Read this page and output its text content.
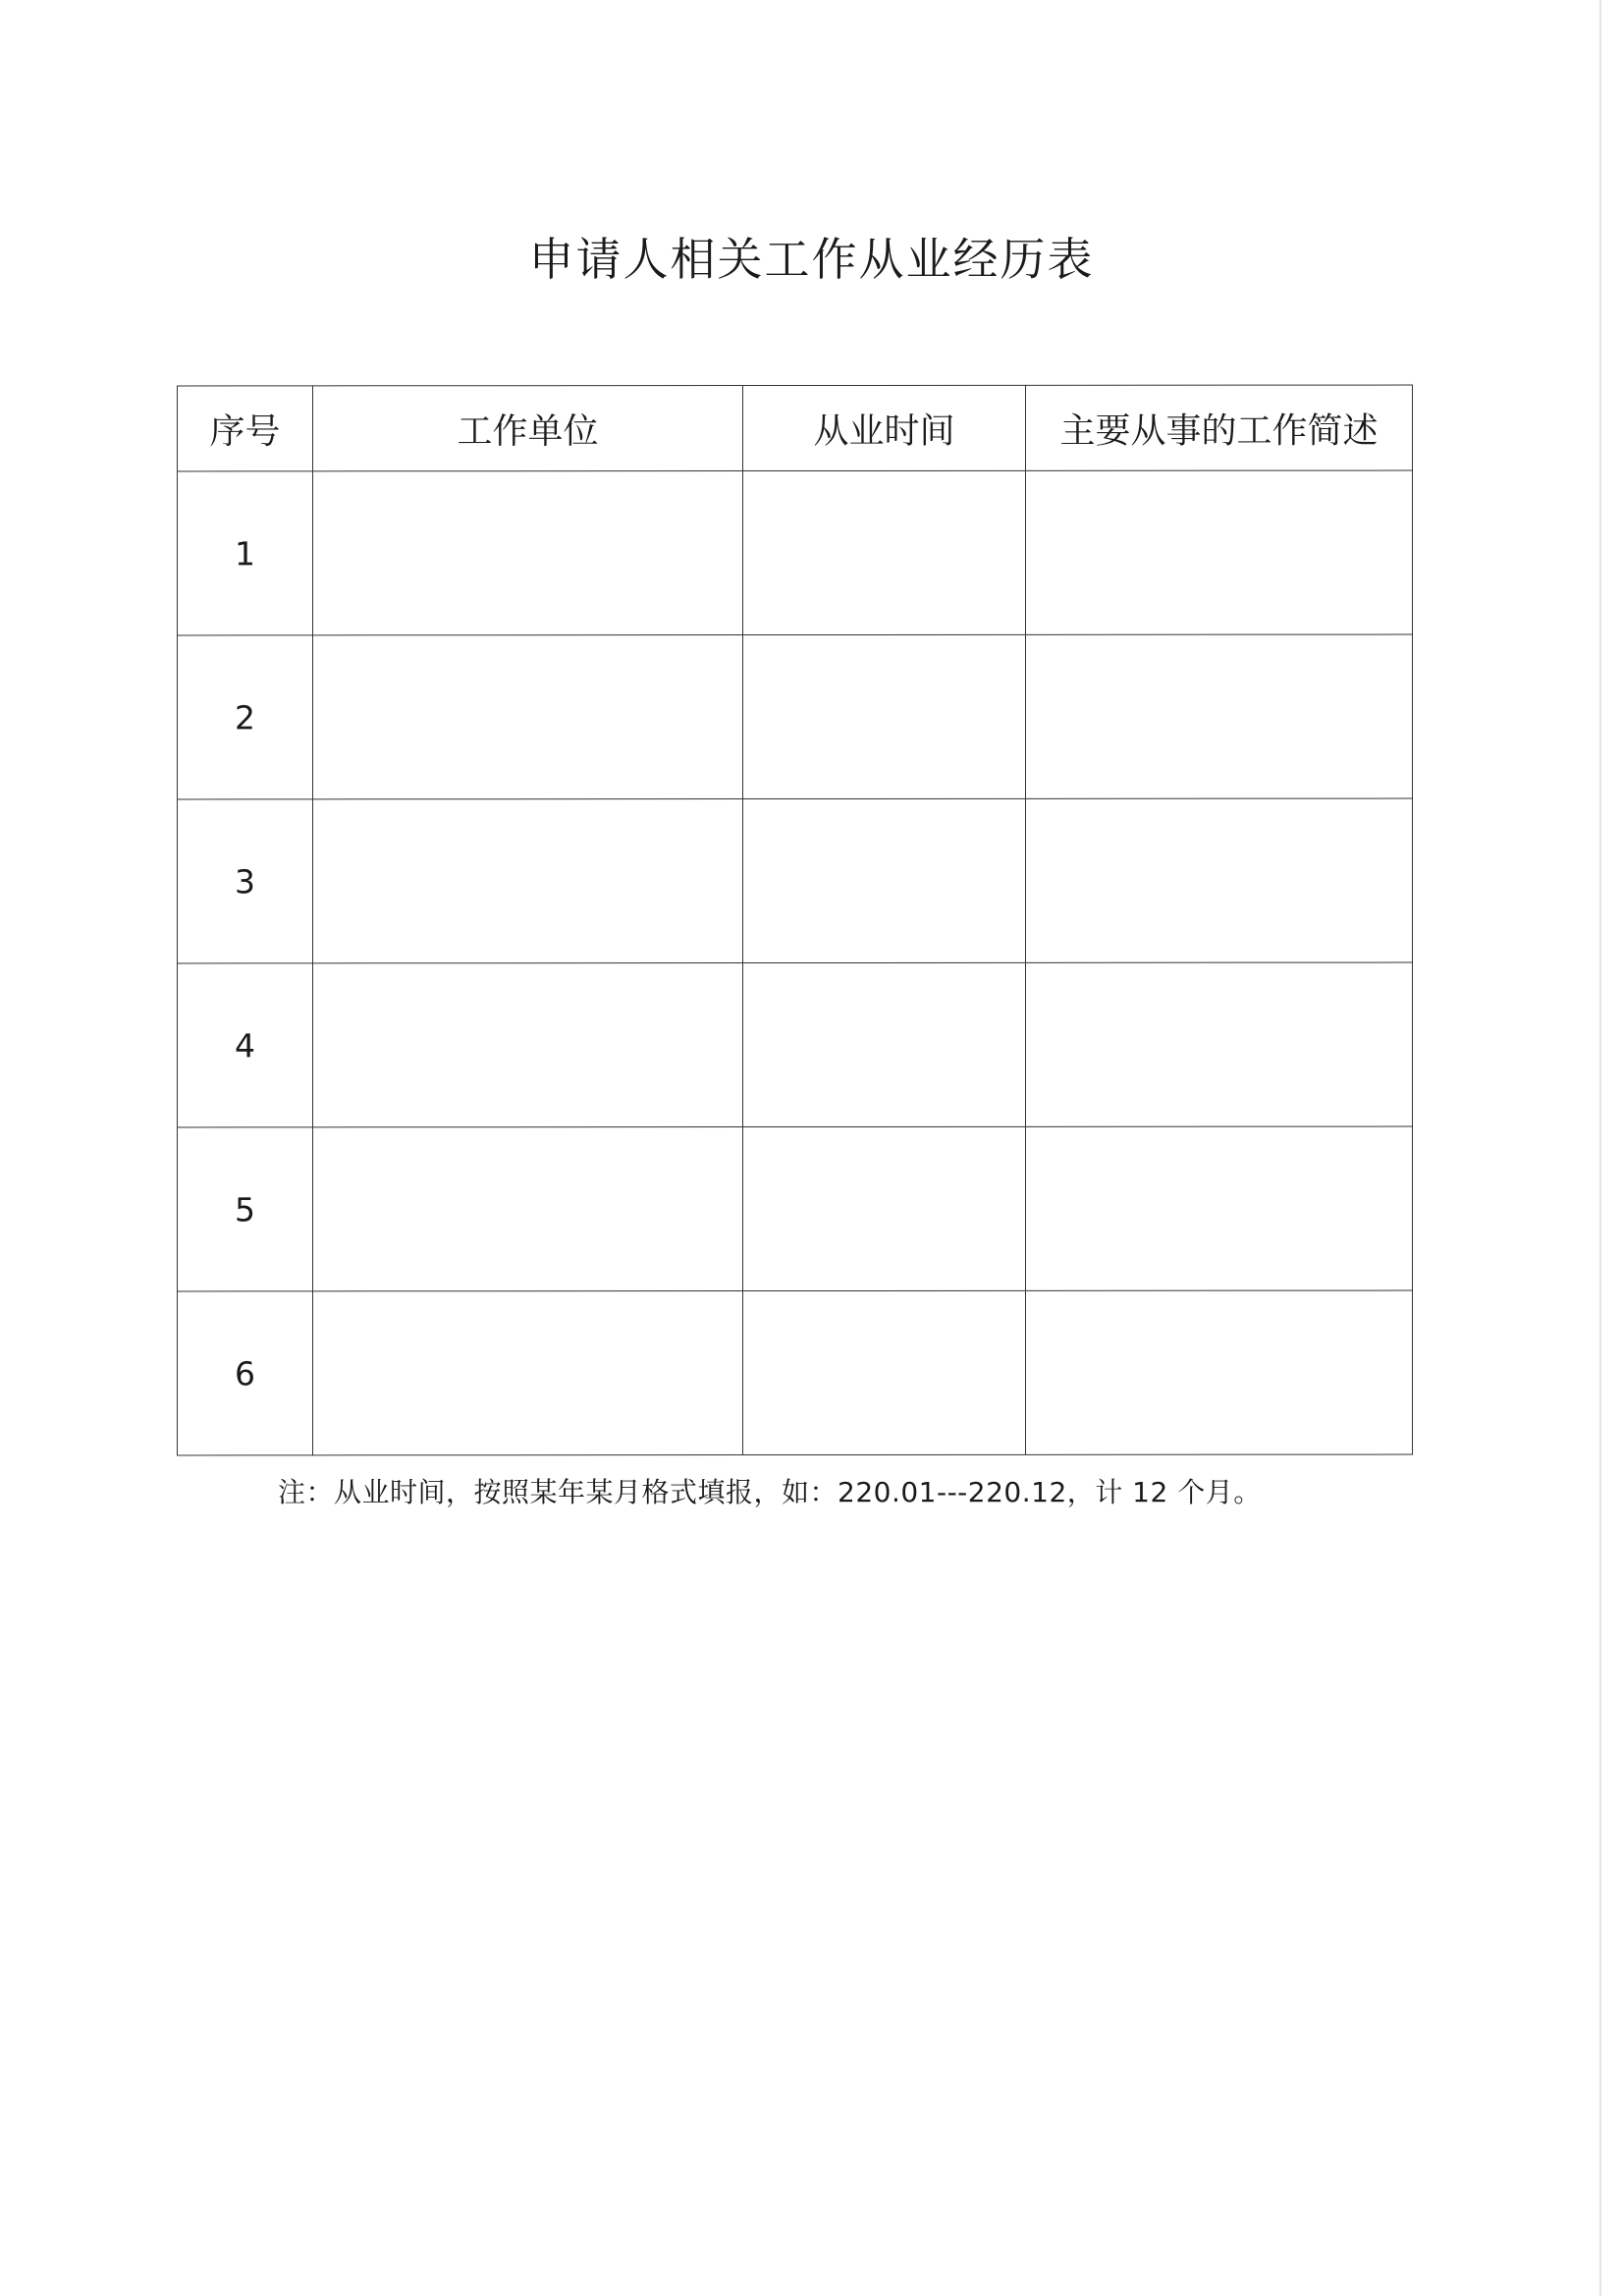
申请人相关工作从业经历表
序号	工作单位	从业时间	主要从事的工作简述
1			
2			
3			
4			
5			
6			
注：从业时间，按照某年某月格式填报，如：220.01---220.12，计 12 个月。
